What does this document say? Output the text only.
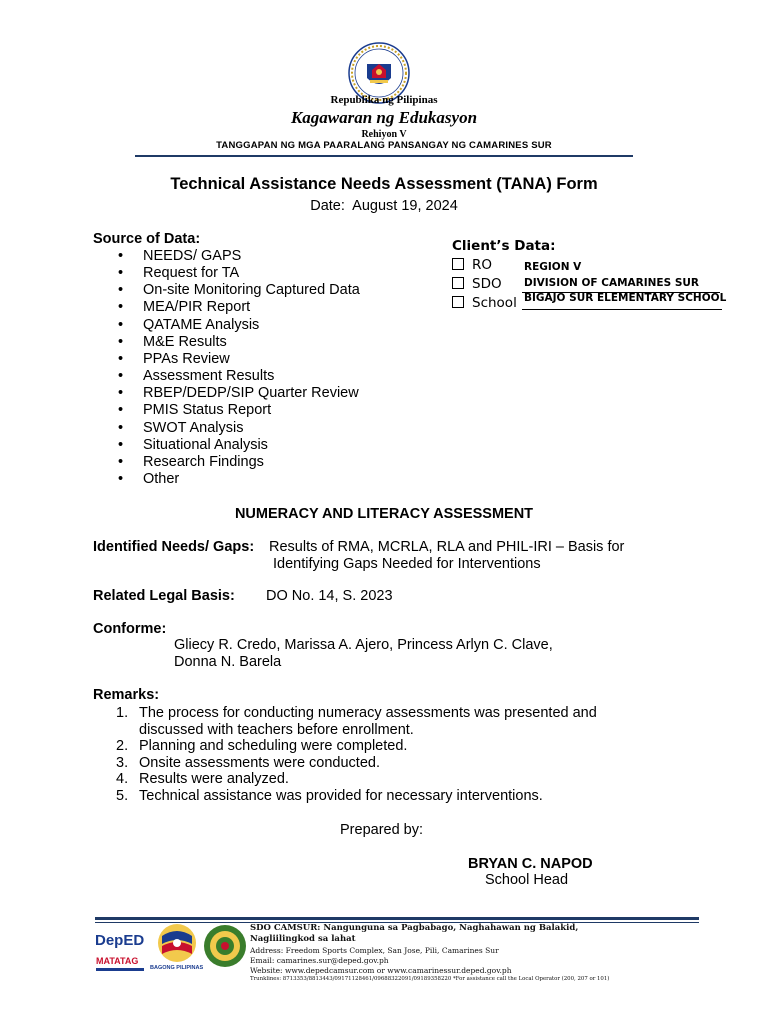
Republika ng Pilipinas
Kagawaran ng Edukasyon
Rehiyon V
TANGGAPAN NG MGA PAARALANG PANSANGAY NG CAMARINES SUR
Technical Assistance Needs Assessment (TANA) Form
Date: August 19, 2024
Source of Data:
• NEEDS/ GAPS
• Request for TA
• On-site Monitoring Captured Data
• MEA/PIR Report
• QATAME Analysis
• M&E Results
• PPAs Review
• Assessment Results
• RBEP/DEDP/SIP Quarter Review
• PMIS Status Report
• SWOT Analysis
• Situational Analysis
• Research Findings
• Other
Client’s Data:
RO	REGION V
SDO DIVISION OF CAMARINES SUR
School BIGAJO SUR ELEMENTARY SCHOOL
NUMERACY AND LITERACY ASSESSMENT
Identified Needs/ Gaps: Results of RMA, MCRLA, RLA and PHIL-IRI – Basis for
Identifying Gaps Needed for Interventions
Related Legal Basis: DO No. 14, S. 2023
Conforme:
Gliecy R. Credo, Marissa A. Ajero, Princess Arlyn C. Clave,
Donna N. Barela
Remarks:
1. The process for conducting numeracy assessments was presented and
discussed with teachers before enrollment.
2. Planning and scheduling were completed.
3. Onsite assessments were conducted.
4. Results were analyzed.
5. Technical assistance was provided for necessary interventions.
Prepared by:
BRYAN C. NAPOD
School Head
DepED
MATATAG
BAGONG PILIPINAS
SDO CAMSUR: Nangunguna sa Pagbabago, Naghahawan ng Balakid,
Nagliilingkod sa lahat
Address: Freedom Sports Complex, San Jose, Pili, Camarines Sur
Email: camarines.sur@deped.gov.ph
Website: www.depedcamsur.com or www.camarinessur.deped.gov.ph
Trunklines: 8713353/8813443/09171128461/09688322091/09189358220 *For assistance call the Local Operator (200, 207 or 101)
